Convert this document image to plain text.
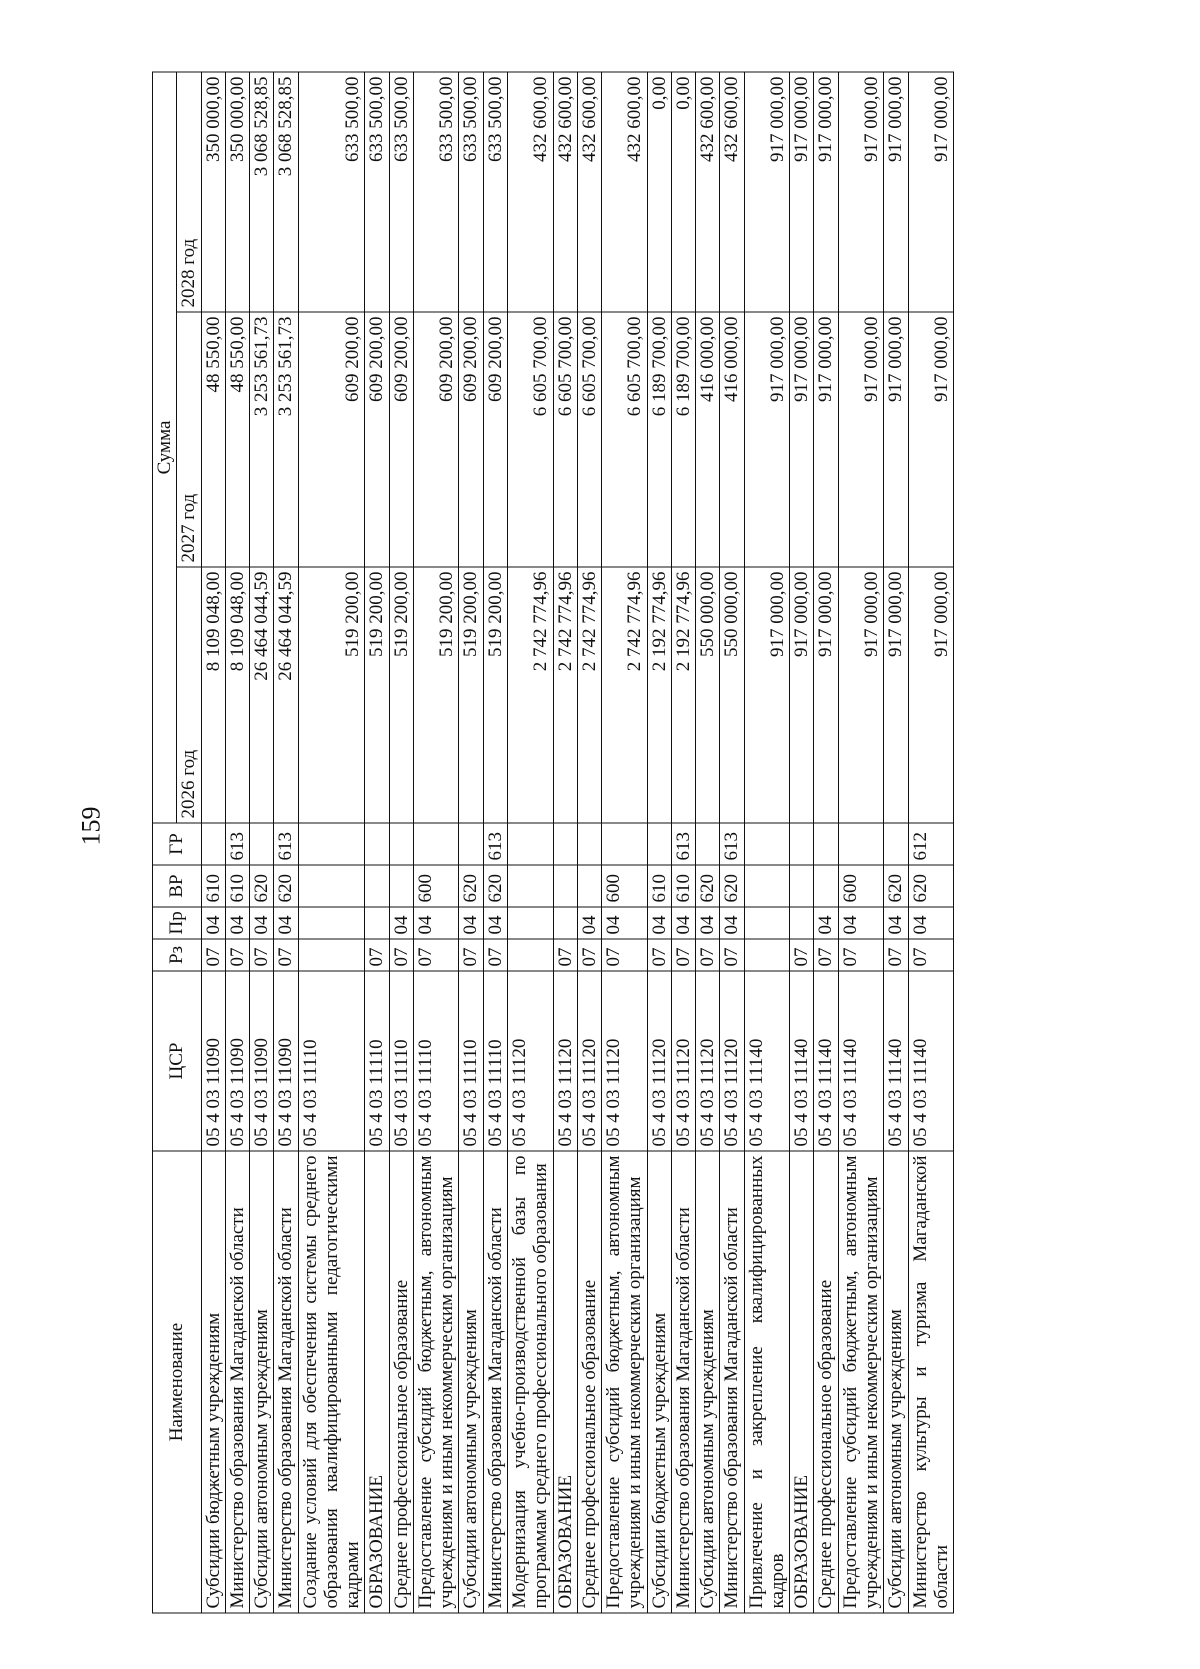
159
Наименование	ЦСР	Рз	Пр	ВР	ГР	Сумма		
						2026 год	2027 год	2028 год
Субсидии бюджетным учреждениям	05 4 03 11090	07	04	610		8 109 048,00	48 550,00	350 000,00
Министерство образования Магаданской области	05 4 03 11090	07	04	610	613	8 109 048,00	48 550,00	350 000,00
Субсидии автономным учреждениям	05 4 03 11090	07	04	620		26 464 044,59	3 253 561,73	3 068 528,85
Министерство образования Магаданской области	05 4 03 11090	07	04	620	613	26 464 044,59	3 253 561,73	3 068 528,85
Создание условий для обеспечения системы среднего образования квалифицированными педагогическими кадрами	05 4 03 11110					519 200,00	609 200,00	633 500,00
ОБРАЗОВАНИЕ	05 4 03 11110	07				519 200,00	609 200,00	633 500,00
Среднее профессиональное образование	05 4 03 11110	07	04			519 200,00	609 200,00	633 500,00
Предоставление субсидий бюджетным, автономным учреждениям и иным некоммерческим организациям	05 4 03 11110	07	04	600		519 200,00	609 200,00	633 500,00
Субсидии автономным учреждениям	05 4 03 11110	07	04	620		519 200,00	609 200,00	633 500,00
Министерство образования Магаданской области	05 4 03 11110	07	04	620	613	519 200,00	609 200,00	633 500,00
Модернизация учебно-производственной базы по программам среднего профессионального образования	05 4 03 11120					2 742 774,96	6 605 700,00	432 600,00
ОБРАЗОВАНИЕ	05 4 03 11120	07				2 742 774,96	6 605 700,00	432 600,00
Среднее профессиональное образование	05 4 03 11120	07	04			2 742 774,96	6 605 700,00	432 600,00
Предоставление субсидий бюджетным, автономным учреждениям и иным некоммерческим организациям	05 4 03 11120	07	04	600		2 742 774,96	6 605 700,00	432 600,00
Субсидии бюджетным учреждениям	05 4 03 11120	07	04	610		2 192 774,96	6 189 700,00	0,00
Министерство образования Магаданской области	05 4 03 11120	07	04	610	613	2 192 774,96	6 189 700,00	0,00
Субсидии автономным учреждениям	05 4 03 11120	07	04	620		550 000,00	416 000,00	432 600,00
Министерство образования Магаданской области	05 4 03 11120	07	04	620	613	550 000,00	416 000,00	432 600,00
Привлечение и закрепление квалифицированных кадров	05 4 03 11140					917 000,00	917 000,00	917 000,00
ОБРАЗОВАНИЕ	05 4 03 11140	07				917 000,00	917 000,00	917 000,00
Среднее профессиональное образование	05 4 03 11140	07	04			917 000,00	917 000,00	917 000,00
Предоставление субсидий бюджетным, автономным учреждениям и иным некоммерческим организациям	05 4 03 11140	07	04	600		917 000,00	917 000,00	917 000,00
Субсидии автономным учреждениям	05 4 03 11140	07	04	620		917 000,00	917 000,00	917 000,00
Министерство культуры и туризма Магаданской области	05 4 03 11140	07	04	620	612	917 000,00	917 000,00	917 000,00
